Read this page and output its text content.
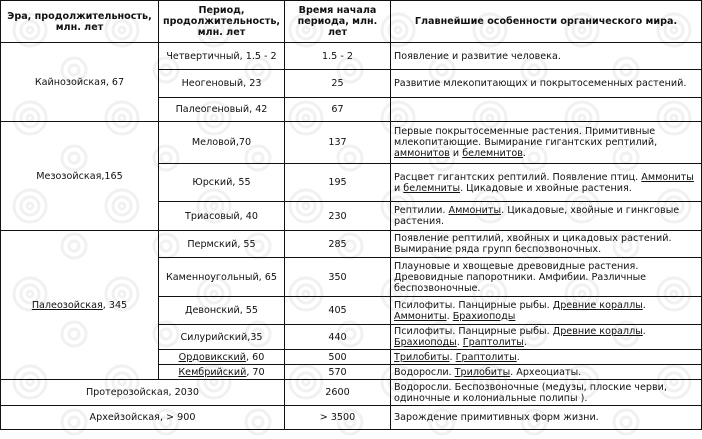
Эра, продолжительность, млн. лет	Период, продолжительность, млн. лет	Время начала периода, млн. лет	Главнейшие особенности органического мира.
Кайнозойская, 67	Четвертичный, 1.5 - 2	1.5 - 2	Появление и развитие человека.
	Неогеновый, 23	25	Развитие млекопитающих и покрытосеменных растений.
	Палеогеновый, 42	67	
Мезозойская,165	Меловой,70	137	Первые покрытосеменные растения. Примитивные млекопитающие. Вымирание гигантских рептилий, аммонитов и белемнитов.
	Юрский, 55	195	Расцвет гигантских рептилий. Появление птиц. Аммониты и белемниты. Цикадовые и хвойные растения.
	Триасовый, 40	230	Рептилии. Аммониты. Цикадовые, хвойные и гинкговые растения.
Палеозойская, 345	Пермский, 55	285	Появление рептилий, хвойных и цикадовых растений. Вымирание ряда групп беспозвоночных.
	Каменноугольный, 65	350	Плауновые и хвощевые древовидные растения. Древовидные папоротники. Амфибии. Различные беспозвоночные.
	Девонский, 55	405	Псилофиты. Панцирные рыбы. Древние кораллы. Аммониты. Брахиоподы
	Силурийский,35	440	Псилофиты. Панцирные рыбы. Древние кораллы. Брахиоподы. Граптолиты.
	Ордовикский, 60	500	Трилобиты. Граптолиты.
	Кембрийский, 70	570	Водоросли. Трилобиты. Археоциаты.
Протерозойская, 2030		2600	Водоросли. Беспозвоночные (медузы, плоские черви, одиночные и колониальные полипы ).
Архейзойская, > 900		> 3500	Зарождение примитивных форм жизни.
